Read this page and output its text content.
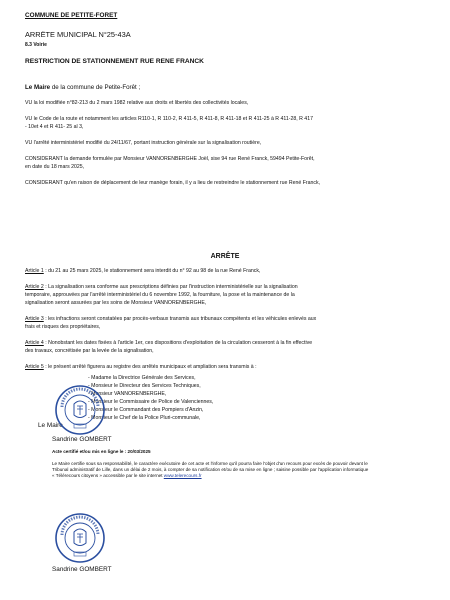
COMMUNE DE PETITE-FORET
ARRÊTE MUNICIPAL N°25-43A
8.3 Voirie
RESTRICTION DE STATIONNEMENT RUE RENE FRANCK
Le Maire de la commune de Petite-Forêt ;
VU la loi modifiée n°82-213 du 2 mars 1982 relative aux droits et libertés des collectivités locales,
VU le Code de la route et notamment les articles R110-1, R 110-2, R 411-5, R 411-8, R 411-18 et R 411-25 à R 411-28, R 417
- 10et 4 et R 411- 25 al 3,
VU l'arrêté interministériel modifié du 24/11/67, portant instruction générale sur la signalisation routière,
CONSIDÉRANT la demande formulée par Monsieur VANNORENBERGHE Joël, sise 94 rue René Franck, 59494 Petite-Forêt,
en date du 18 mars 2025,
CONSIDÉRANT qu'en raison de déplacement de leur manège forain, il y a lieu de restreindre le stationnement rue René Franck,
ARRÊTE
Article 1 : du 21 au 25 mars 2025, le stationnement sera interdit du n° 92 au 98 de la rue René Franck,
Article 2 : La signalisation sera conforme aux prescriptions définies par l'instruction interministérielle sur la signalisation
temporaire, approuvées par l'arrêté interministériel du 6 novembre 1992, la fourniture, la pose et la maintenance de la
signalisation seront assurées par les soins de Monsieur VANNORENBERGHE,
Article 3 : les infractions seront constatées par procès-verbaux transmis aux tribunaux compétents et les véhicules enlevés aux
frais et risques des propriétaires,
Article 4 : Nonobstant les dates fixées à l'article 1er, ces dispositions d'exploitation de la circulation cesseront à la fin effective
des travaux, concrétisée par la levée de la signalisation,
Article 5 : le présent arrêté figurera au registre des arrêtés municipaux et ampliation sera transmis à :
- Madame la Directrice Générale des Services,
- Monsieur le Directeur des Services Techniques,
- Monsieur VANNORENBERGHE,
- Monsieur le Commissaire de Police de Valenciennes,
- Monsieur le Commandant des Pompiers d'Anzin,
- Monsieur le Chef de la Police Pluri-communale,
Le Maire
Sandrine GOMBERT
Acte certifié et/ou mis en ligne le : 20/03/2025
Le Maire certifie sous sa responsabilité, le caractère exécutoire de cet acte et l'informe qu'il pourra faire l'objet d'un recours pour excès de pouvoir devant le
Tribunal administratif de Lille, dans un délai de 2 mois, à compter de sa notification et/ou de sa mise en ligne ; saisine possible par l'application informatique
« Télérecours citoyens » accessible par le site internet www.telerecours.fr
Sandrine GOMBERT
